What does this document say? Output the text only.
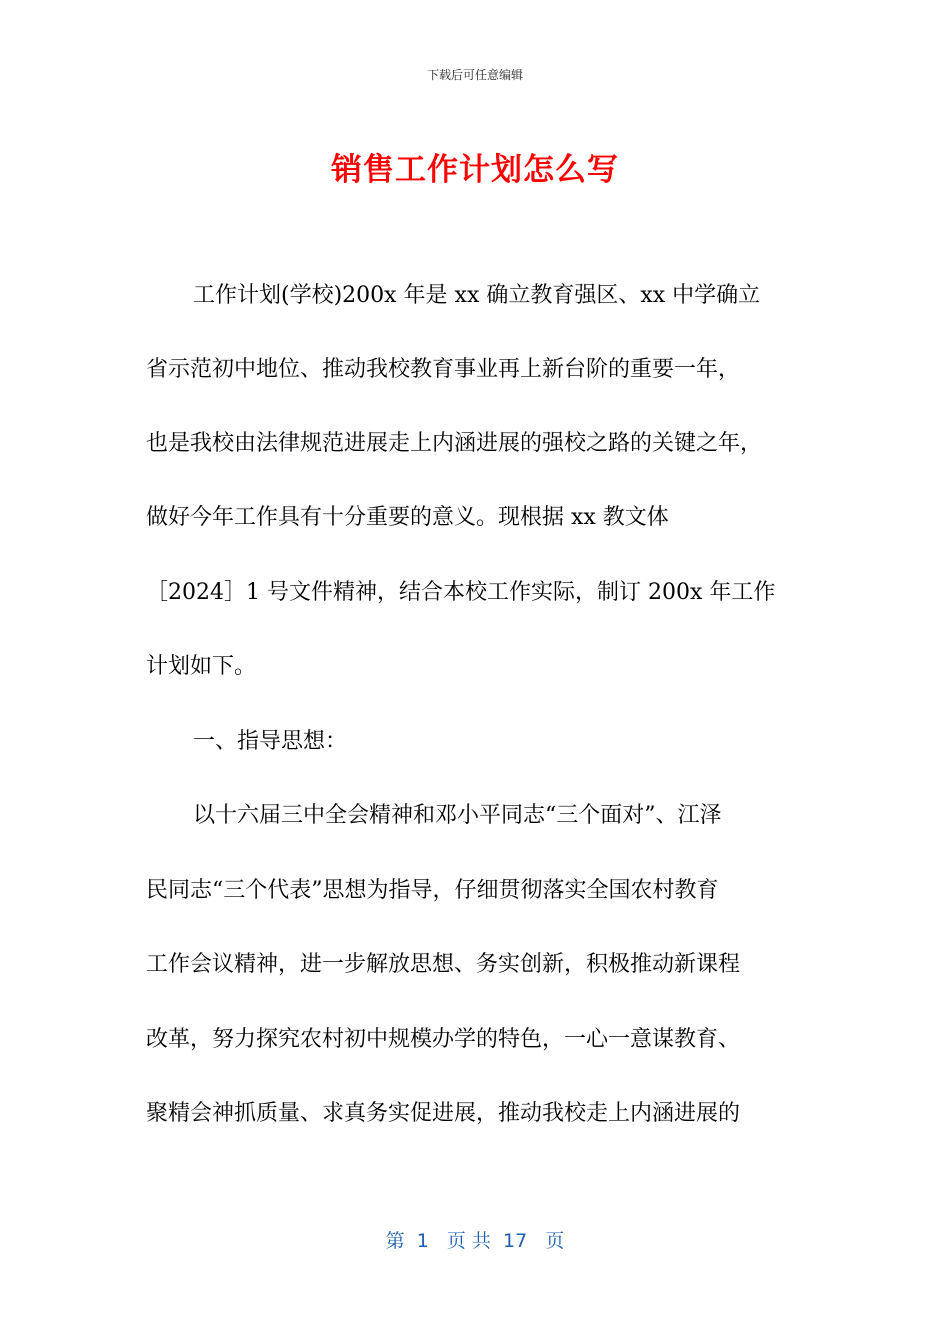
下载后可任意编辑
销售工作计划怎么写
工作计划(学校)200x 年是 xx 确立教育强区、xx 中学确立
省示范初中地位、推动我校教育事业再上新台阶的重要一年，
也是我校由法律规范进展走上内涵进展的强校之路的关键之年，
做好今年工作具有十分重要的意义。现根据 xx 教文体
［2024］1 号文件精神，结合本校工作实际，制订 200x 年工作
计划如下。
一、指导思想：
以十六届三中全会精神和邓小平同志“三个面对”、江泽
民同志“三个代表”思想为指导，仔细贯彻落实全国农村教育
工作会议精神，进一步解放思想、务实创新，积极推动新课程
改革，努力探究农村初中规模办学的特色，一心一意谋教育、
聚精会神抓质量、求真务实促进展，推动我校走上内涵进展的
第  1   页 共  17   页
